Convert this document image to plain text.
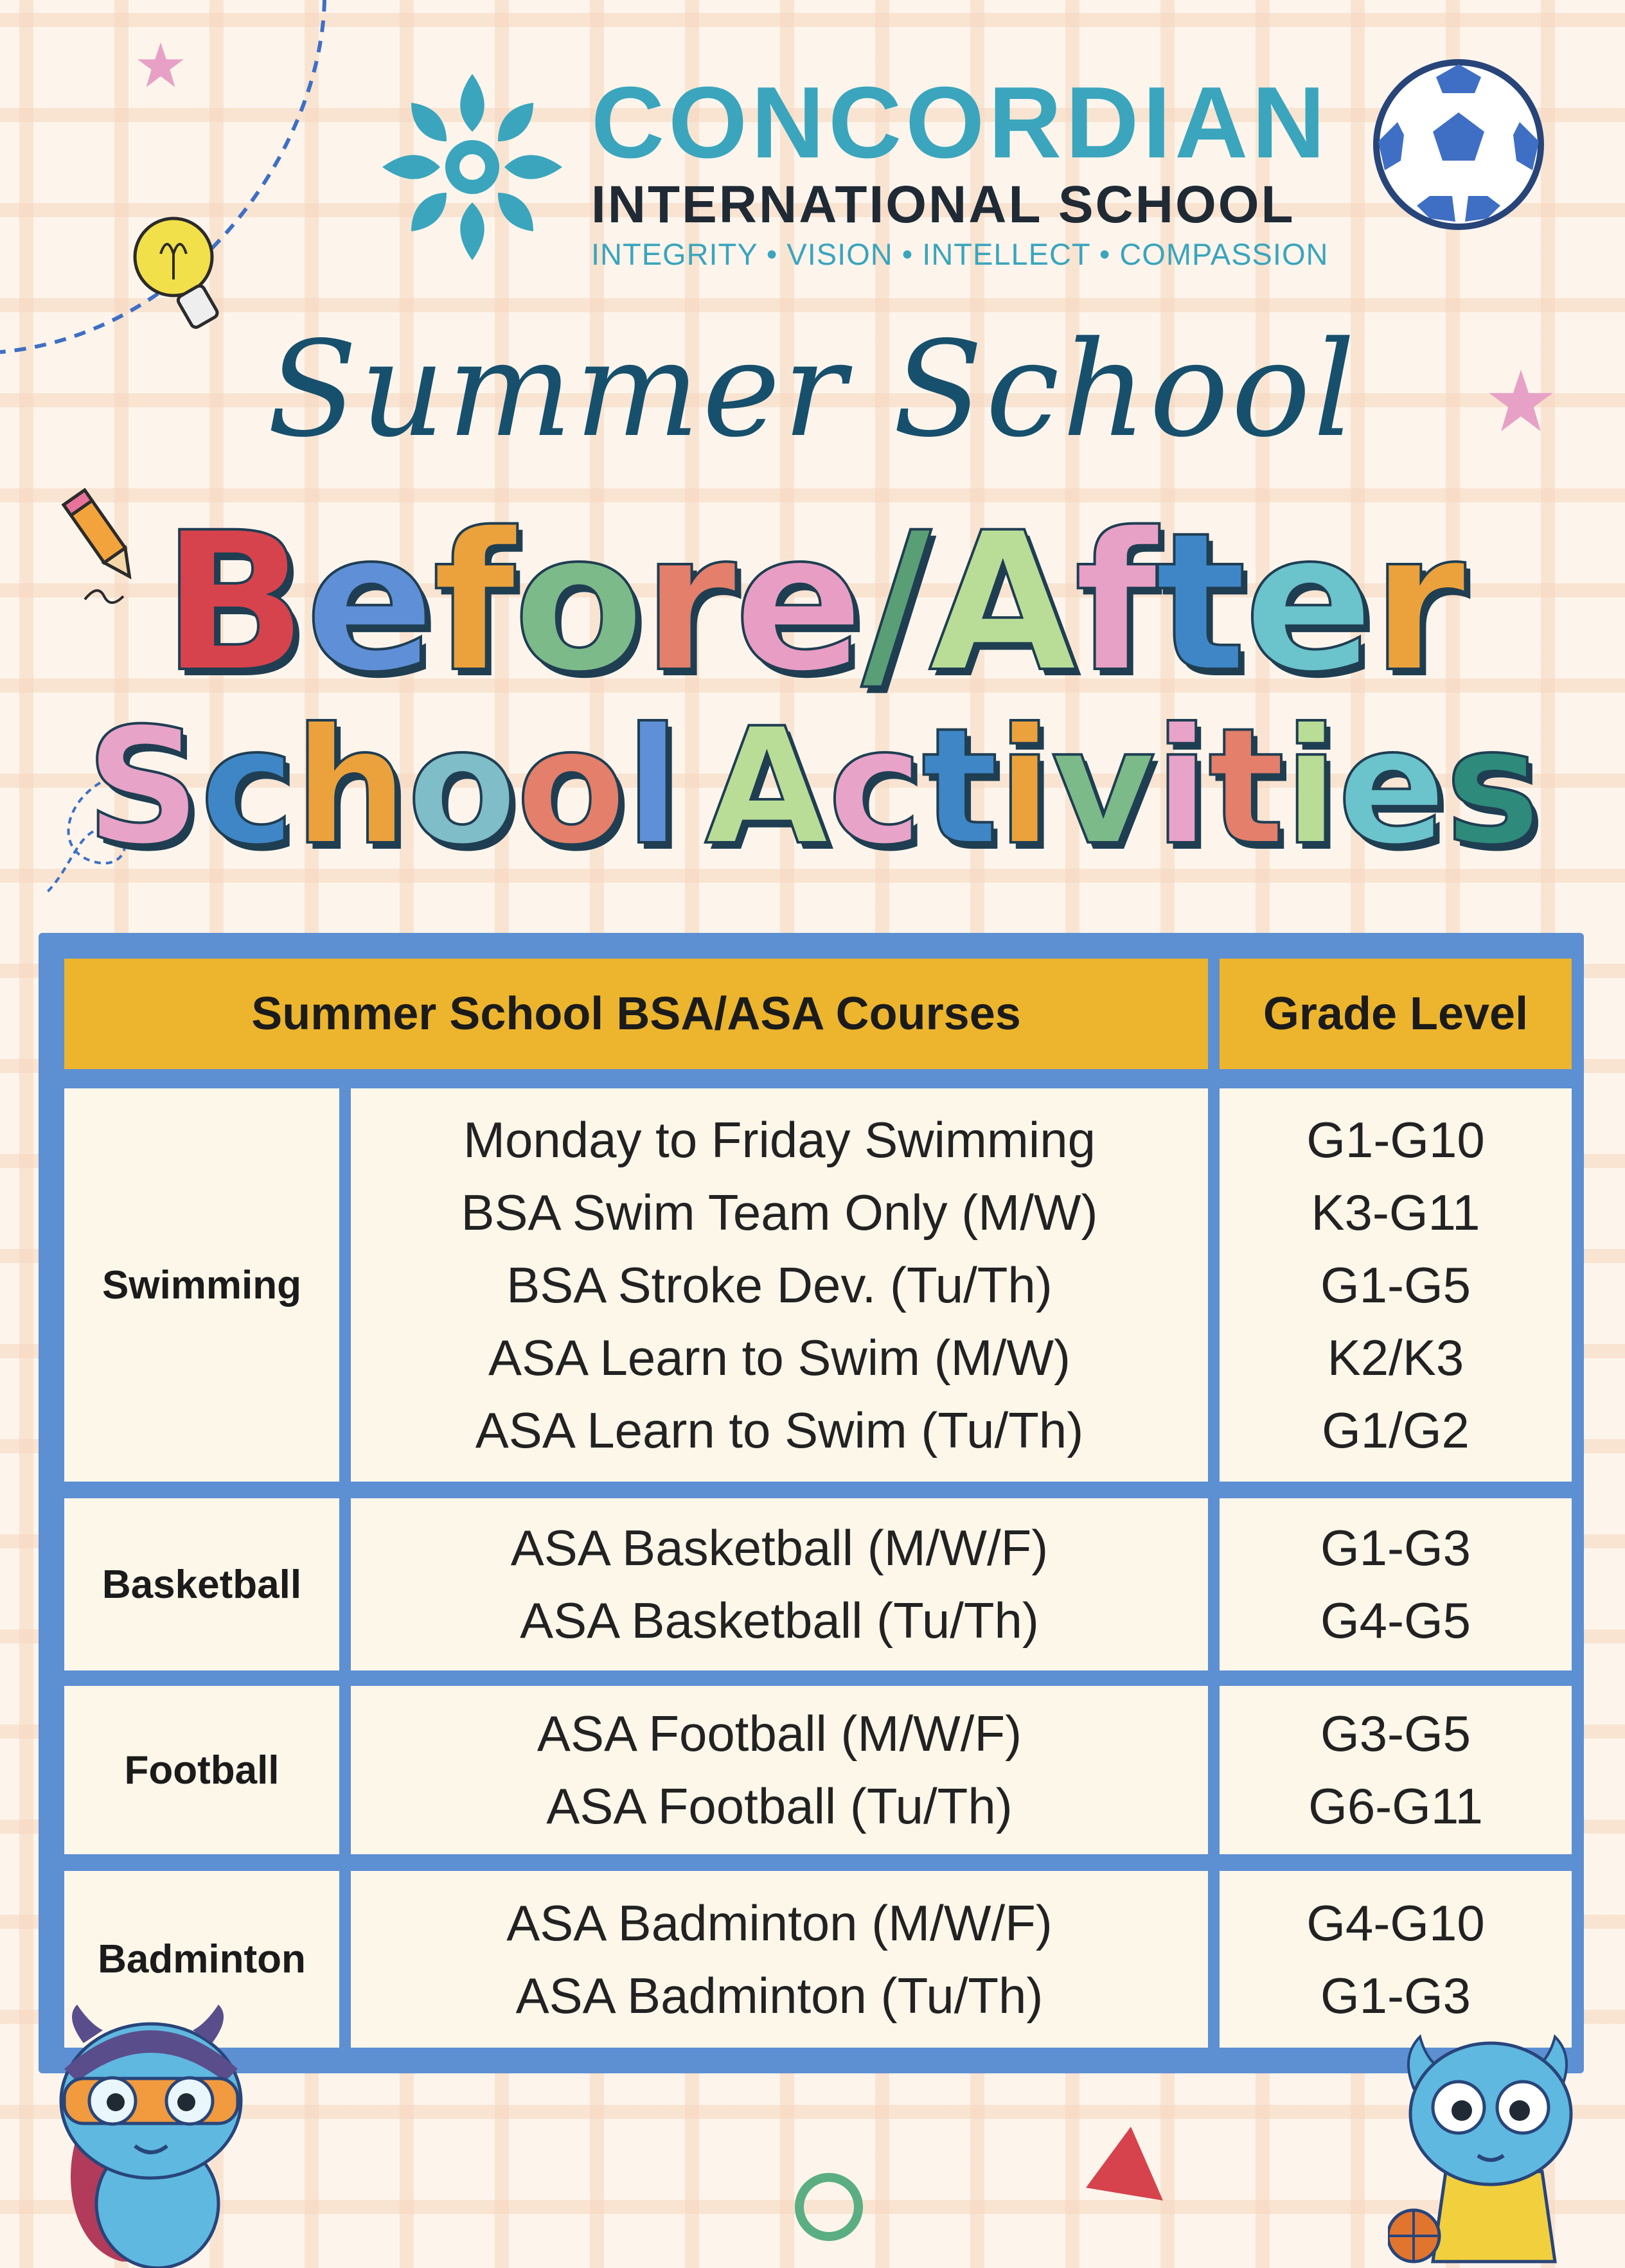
CONCORDIAN
INTERNATIONAL SCHOOL
INTEGRITY • VISION • INTELLECT • COMPASSION
Summer School
Before/After
School Activities
Summer School BSA/ASA Courses	Grade Level
Swimming
Monday to Friday Swimming
BSA Swim Team Only (M/W)
BSA Stroke Dev. (Tu/Th)
ASA Learn to Swim (M/W)
ASA Learn to Swim (Tu/Th)
G1-G10
K3-G11
G1-G5
K2/K3
G1/G2
Basketball
ASA Basketball (M/W/F)
ASA Basketball (Tu/Th)
G1-G3
G4-G5
Football
ASA Football (M/W/F)
ASA Football (Tu/Th)
G3-G5
G6-G11
Badminton
ASA Badminton (M/W/F)
ASA Badminton (Tu/Th)
G4-G10
G1-G3
